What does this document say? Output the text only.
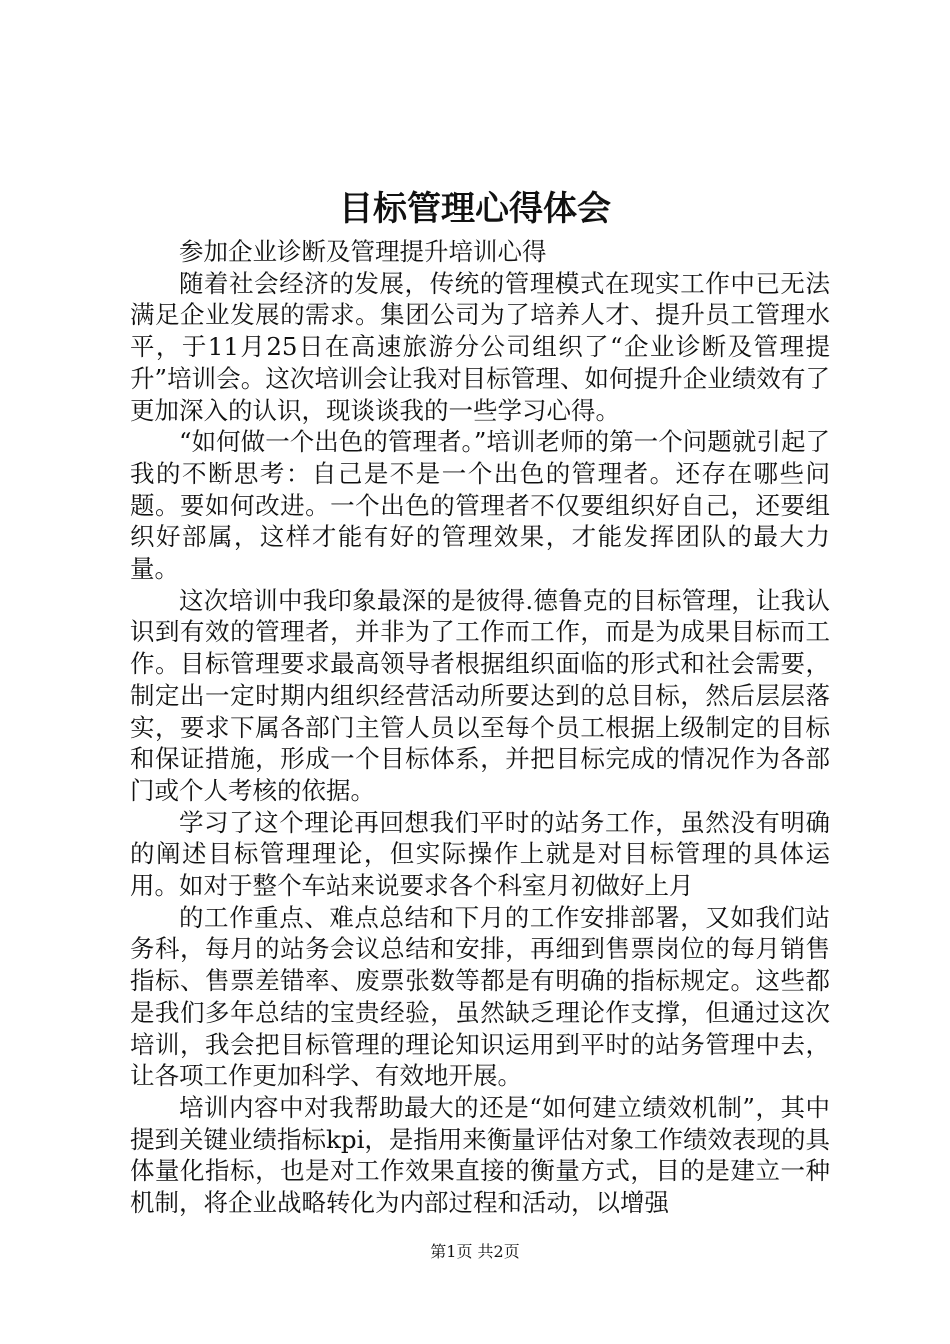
目标管理心得体会

参加企业诊断及管理提升培训心得

随着社会经济的发展，传统的管理模式在现实工作中已无法满足企业发展的需求。集团公司为了培养人才、提升员工管理水平，于11月25日在高速旅游分公司组织了“企业诊断及管理提升”培训会。这次培训会让我对目标管理、如何提升企业绩效有了更加深入的认识，现谈谈我的一些学习心得。

“如何做一个出色的管理者。”培训老师的第一个问题就引起了我的不断思考：自己是不是一个出色的管理者。还存在哪些问题。要如何改进。一个出色的管理者不仅要组织好自己，还要组织好部属，这样才能有好的管理效果，才能发挥团队的最大力量。

这次培训中我印象最深的是彼得.德鲁克的目标管理，让我认识到有效的管理者，并非为了工作而工作，而是为成果目标而工作。目标管理要求最高领导者根据组织面临的形式和社会需要，制定出一定时期内组织经营活动所要达到的总目标，然后层层落实，要求下属各部门主管人员以至每个员工根据上级制定的目标和保证措施，形成一个目标体系，并把目标完成的情况作为各部门或个人考核的依据。

学习了这个理论再回想我们平时的站务工作，虽然没有明确的阐述目标管理理论，但实际操作上就是对目标管理的具体运用。如对于整个车站来说要求各个科室月初做好上月

的工作重点、难点总结和下月的工作安排部署，又如我们站务科，每月的站务会议总结和安排，再细到售票岗位的每月销售指标、售票差错率、废票张数等都是有明确的指标规定。这些都是我们多年总结的宝贵经验，虽然缺乏理论作支撑，但通过这次培训，我会把目标管理的理论知识运用到平时的站务管理中去，让各项工作更加科学、有效地开展。

培训内容中对我帮助最大的还是“如何建立绩效机制”，其中提到关键业绩指标kpi，是指用来衡量评估对象工作绩效表现的具体量化指标，也是对工作效果直接的衡量方式，目的是建立一种机制，将企业战略转化为内部过程和活动，以增强

第1页 共2页
